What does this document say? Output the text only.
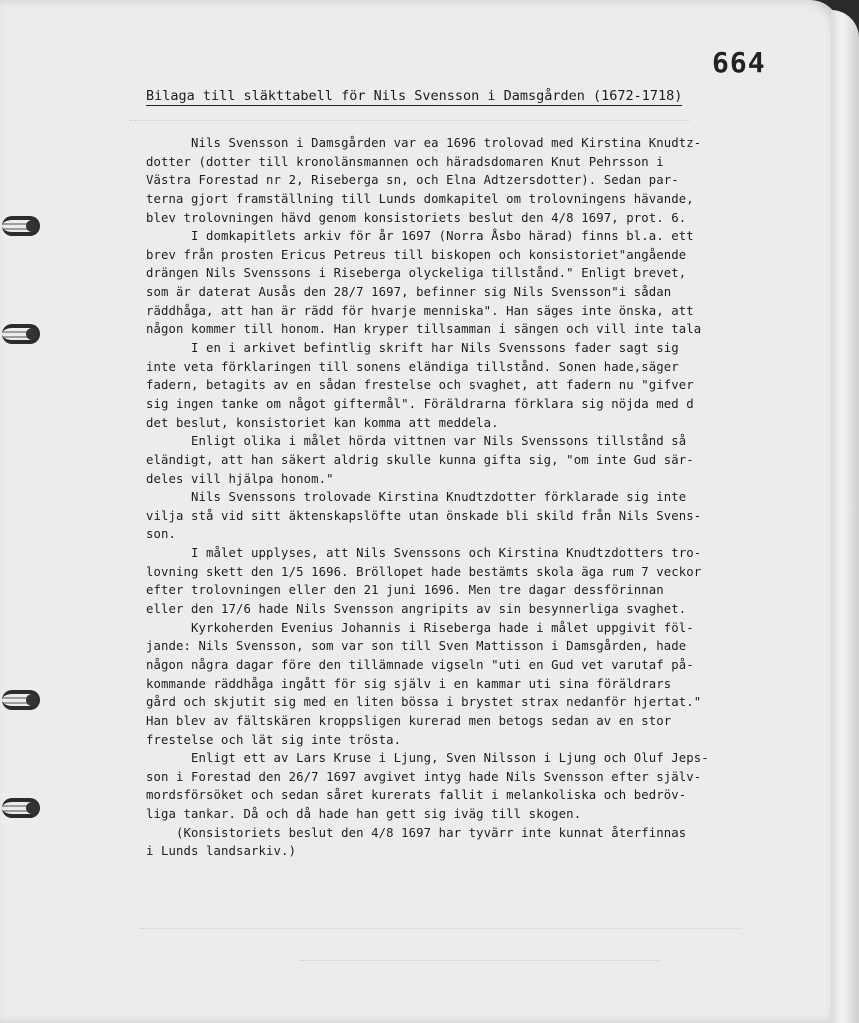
664
Bilaga till släkttabell för Nils Svensson i Damsgården (1672-1718)
Nils Svensson i Damsgården var ea 1696 trolovad med Kirstina Knudtz-
dotter (dotter till kronolänsmannen och häradsdomaren Knut Pehrsson i
Västra Forestad nr 2, Riseberga sn, och Elna Adtzersdotter). Sedan par-
terna gjort framställning till Lunds domkapitel om trolovningens hävande,
blev trolovningen hävd genom konsistoriets beslut den 4/8 1697, prot. 6.
I domkapitlets arkiv för år 1697 (Norra Åsbo härad) finns bl.a. ett
brev från prosten Ericus Petreus till biskopen och konsistoriet"angående
drängen Nils Svenssons i Riseberga olyckeliga tillstånd." Enligt brevet,
som är daterat Ausås den 28/7 1697, befinner sig Nils Svensson"i sådan
räddhåga, att han är rädd för hvarje menniska". Han säges inte önska, att
någon kommer till honom. Han kryper tillsamman i sängen och vill inte tala
I en i arkivet befintlig skrift har Nils Svenssons fader sagt sig
inte veta förklaringen till sonens eländiga tillstånd. Sonen hade,säger
fadern, betagits av en sådan frestelse och svaghet, att fadern nu "gifver
sig ingen tanke om något giftermål". Föräldrarna förklara sig nöjda med d
det beslut, konsistoriet kan komma att meddela.
Enligt olika i målet hörda vittnen var Nils Svenssons tillstånd så
eländigt, att han säkert aldrig skulle kunna gifta sig, "om inte Gud sär-
deles vill hjälpa honom."
Nils Svenssons trolovade Kirstina Knudtzdotter förklarade sig inte
vilja stå vid sitt äktenskapslöfte utan önskade bli skild från Nils Svens-
son.
I målet upplyses, att Nils Svenssons och Kirstina Knudtzdotters tro-
lovning skett den 1/5 1696. Bröllopet hade bestämts skola äga rum 7 veckor
efter trolovningen eller den 21 juni 1696. Men tre dagar dessförinnan
eller den 17/6 hade Nils Svensson angripits av sin besynnerliga svaghet.
Kyrkoherden Evenius Johannis i Riseberga hade i målet uppgivit föl-
jande: Nils Svensson, som var son till Sven Mattisson i Damsgården, hade
någon några dagar före den tillämnade vigseln "uti en Gud vet varutaf på-
kommande räddhåga ingått för sig själv i en kammar uti sina föräldrars
gård och skjutit sig med en liten bössa i brystet strax nedanför hjertat."
Han blev av fältskären kroppsligen kurerad men betogs sedan av en stor
frestelse och lät sig inte trösta.
Enligt ett av Lars Kruse i Ljung, Sven Nilsson i Ljung och Oluf Jeps-
son i Forestad den 26/7 1697 avgivet intyg hade Nils Svensson efter själv-
mordsförsöket och sedan såret kurerats fallit i melankoliska och bedröv-
liga tankar. Då och då hade han gett sig iväg till skogen.
(Konsistoriets beslut den 4/8 1697 har tyvärr inte kunnat återfinnas
i Lunds landsarkiv.)
